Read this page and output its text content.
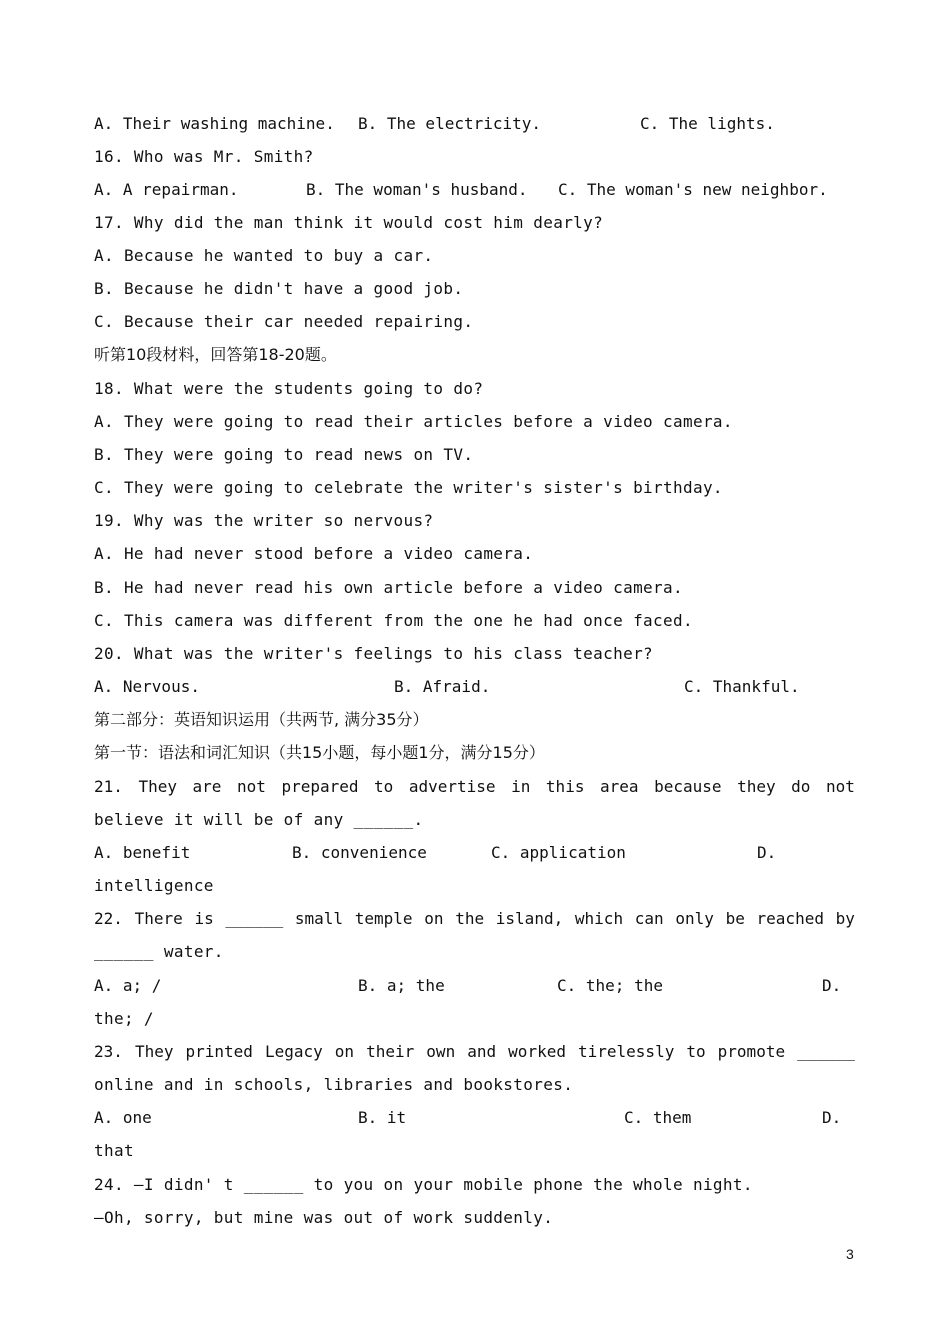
A. Their washing machine. B. The electricity.	C. The lights.
16. Who was Mr. Smith?
A. A repairman.	B. The woman's husband. C. The woman's new neighbor.
17. Why did the man think it would cost him dearly?
A. Because he wanted to buy a car.
B. Because he didn't have a good job.
C. Because their car needed repairing.
听第10段材料，回答第18-20题。
18. What were the students going to do?
A. They were going to read their articles before a video camera.
B. They were going to read news on TV.
C. They were going to celebrate the writer's sister's birthday.
19. Why was the writer so nervous?
A. He had never stood before a video camera.
B. He had never read his own article before a video camera.
C. This camera was different from the one he had once faced.
20. What was the writer's feelings to his class teacher?
A. Nervous.	B. Afraid.	C. Thankful.
第二部分：英语知识运用（共两节, 满分35分）
第一节：语法和词汇知识（共15小题，每小题1分，满分15分）
21. They are not prepared to advertise in this area because they do not
believe it will be of any ______.
A. benefit	B. convenience	C. application	D.
intelligence
22. There is ______ small temple on the island, which can only be reached by
______ water.
A. a; /	B. a; the	C. the; the	D.
the; /
23. They printed Legacy on their own and worked tirelessly to promote ______
online and in schools, libraries and bookstores.
A. one	B. it	C. them	D.
that
24. —I didn' t ______ to you on your mobile phone the whole night.
—Oh, sorry, but mine was out of work suddenly.
3
